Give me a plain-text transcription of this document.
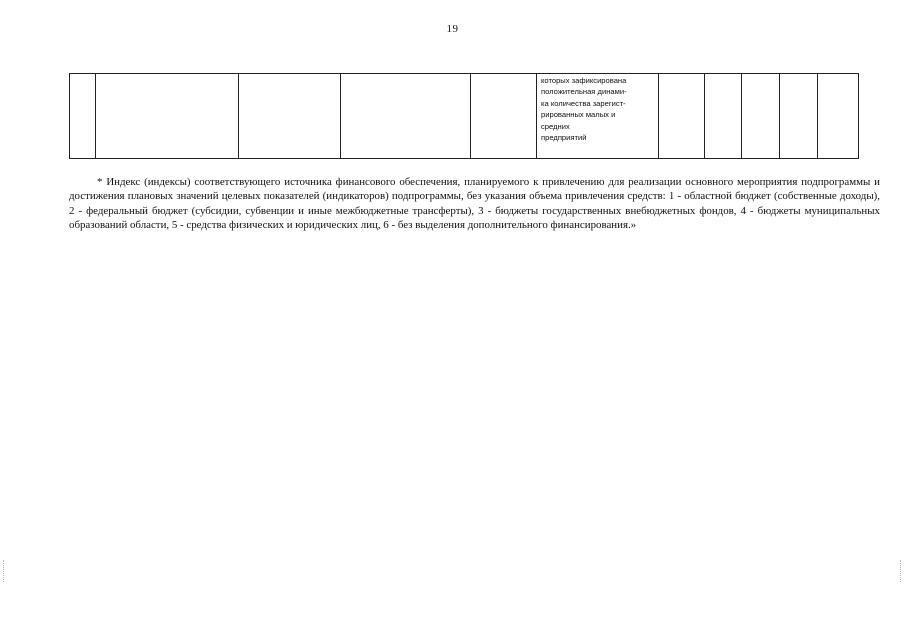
19
которых зафиксирована
положительная динами-
ка количества зарегист-
рированных малых и
средних
предприятий
* Индекс (индексы) соответствующего источника финансового обеспечения, планируемого к привлечению для реализации основного мероприятия подпрограммы и достижения плановых значений целевых показателей (индикаторов) подпрограммы, без указания объема привлечения средств: 1 - областной бюджет (собственные доходы), 2 - федеральный бюджет (субсидии, субвенции и иные межбюджетные трансферты), 3 - бюджеты государственных внебюджетных фондов, 4 - бюджеты муниципальных образований области, 5 - средства физических и юридических лиц, 6 - без выделения дополнительного финансирования.»
